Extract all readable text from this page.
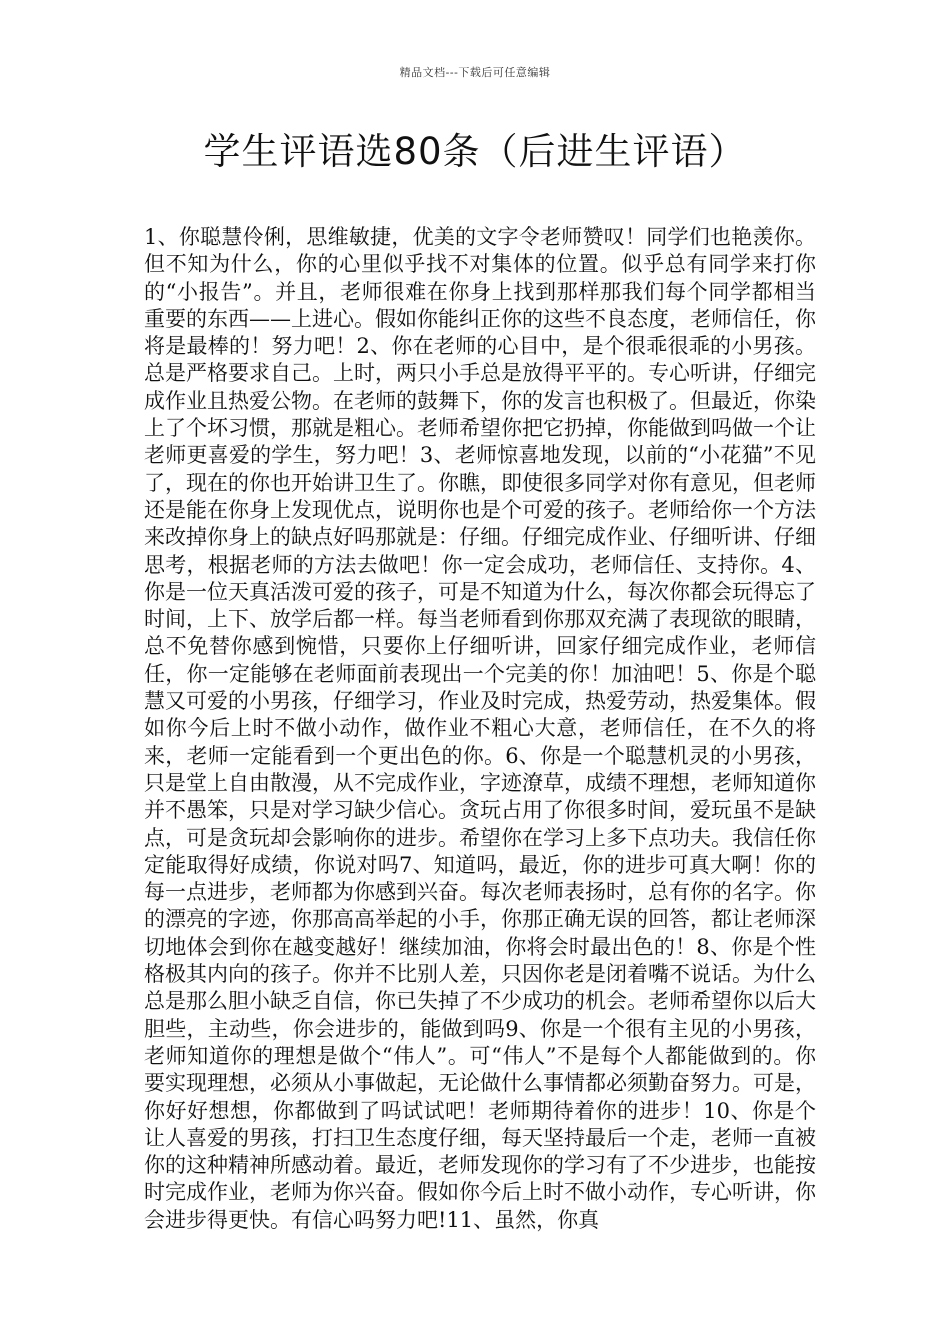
精品文档---下载后可任意编辑
学生评语选80条（后进生评语）

1、你聪慧伶俐，思维敏捷，优美的文字令老师赞叹！同学们也艳羡你。但不知为什么，你的心里似乎找不对集体的位置。似乎总有同学来打你的“小报告”。并且，老师很难在你身上找到那样那我们每个同学都相当重要的东西——上进心。假如你能纠正你的这些不良态度，老师信任，你将是最棒的！努力吧！2、你在老师的心目中，是个很乖很乖的小男孩。总是严格要求自己。上时，两只小手总是放得平平的。专心听讲，仔细完成作业且热爱公物。在老师的鼓舞下，你的发言也积极了。但最近，你染上了个坏习惯，那就是粗心。老师希望你把它扔掉，你能做到吗做一个让老师更喜爱的学生，努力吧！3、老师惊喜地发现，以前的“小花猫”不见了，现在的你也开始讲卫生了。你瞧，即使很多同学对你有意见，但老师还是能在你身上发现优点，说明你也是个可爱的孩子。老师给你一个方法来改掉你身上的缺点好吗那就是：仔细。仔细完成作业、仔细听讲、仔细思考，根据老师的方法去做吧！你一定会成功，老师信任、支持你。4、你是一位天真活泼可爱的孩子，可是不知道为什么，每次你都会玩得忘了时间，上下、放学后都一样。每当老师看到你那双充满了表现欲的眼睛，总不免替你感到惋惜，只要你上仔细听讲，回家仔细完成作业，老师信任，你一定能够在老师面前表现出一个完美的你！加油吧！5、你是个聪慧又可爱的小男孩，仔细学习，作业及时完成，热爱劳动，热爱集体。假如你今后上时不做小动作，做作业不粗心大意，老师信任，在不久的将来，老师一定能看到一个更出色的你。6、你是一个聪慧机灵的小男孩，只是堂上自由散漫，从不完成作业，字迹潦草，成绩不理想，老师知道你并不愚笨，只是对学习缺少信心。贪玩占用了你很多时间，爱玩虽不是缺点，可是贪玩却会影响你的进步。希望你在学习上多下点功夫。我信任你定能取得好成绩，你说对吗7、知道吗，最近，你的进步可真大啊！你的每一点进步，老师都为你感到兴奋。每次老师表扬时，总有你的名字。你的漂亮的字迹，你那高高举起的小手，你那正确无误的回答，都让老师深切地体会到你在越变越好！继续加油，你将会时最出色的！8、你是个性格极其内向的孩子。你并不比别人差，只因你老是闭着嘴不说话。为什么总是那么胆小缺乏自信，你已失掉了不少成功的机会。老师希望你以后大胆些，主动些，你会进步的，能做到吗9、你是一个很有主见的小男孩，老师知道你的理想是做个“伟人”。可“伟人”不是每个人都能做到的。你要实现理想，必须从小事做起，无论做什么事情都必须勤奋努力。可是，你好好想想，你都做到了吗试试吧！老师期待着你的进步！10、你是个让人喜爱的男孩，打扫卫生态度仔细，每天坚持最后一个走，老师一直被你的这种精神所感动着。最近，老师发现你的学习有了不少进步，也能按时完成作业，老师为你兴奋。假如你今后上时不做小动作，专心听讲，你会进步得更快。有信心吗努力吧!11、虽然，你真
